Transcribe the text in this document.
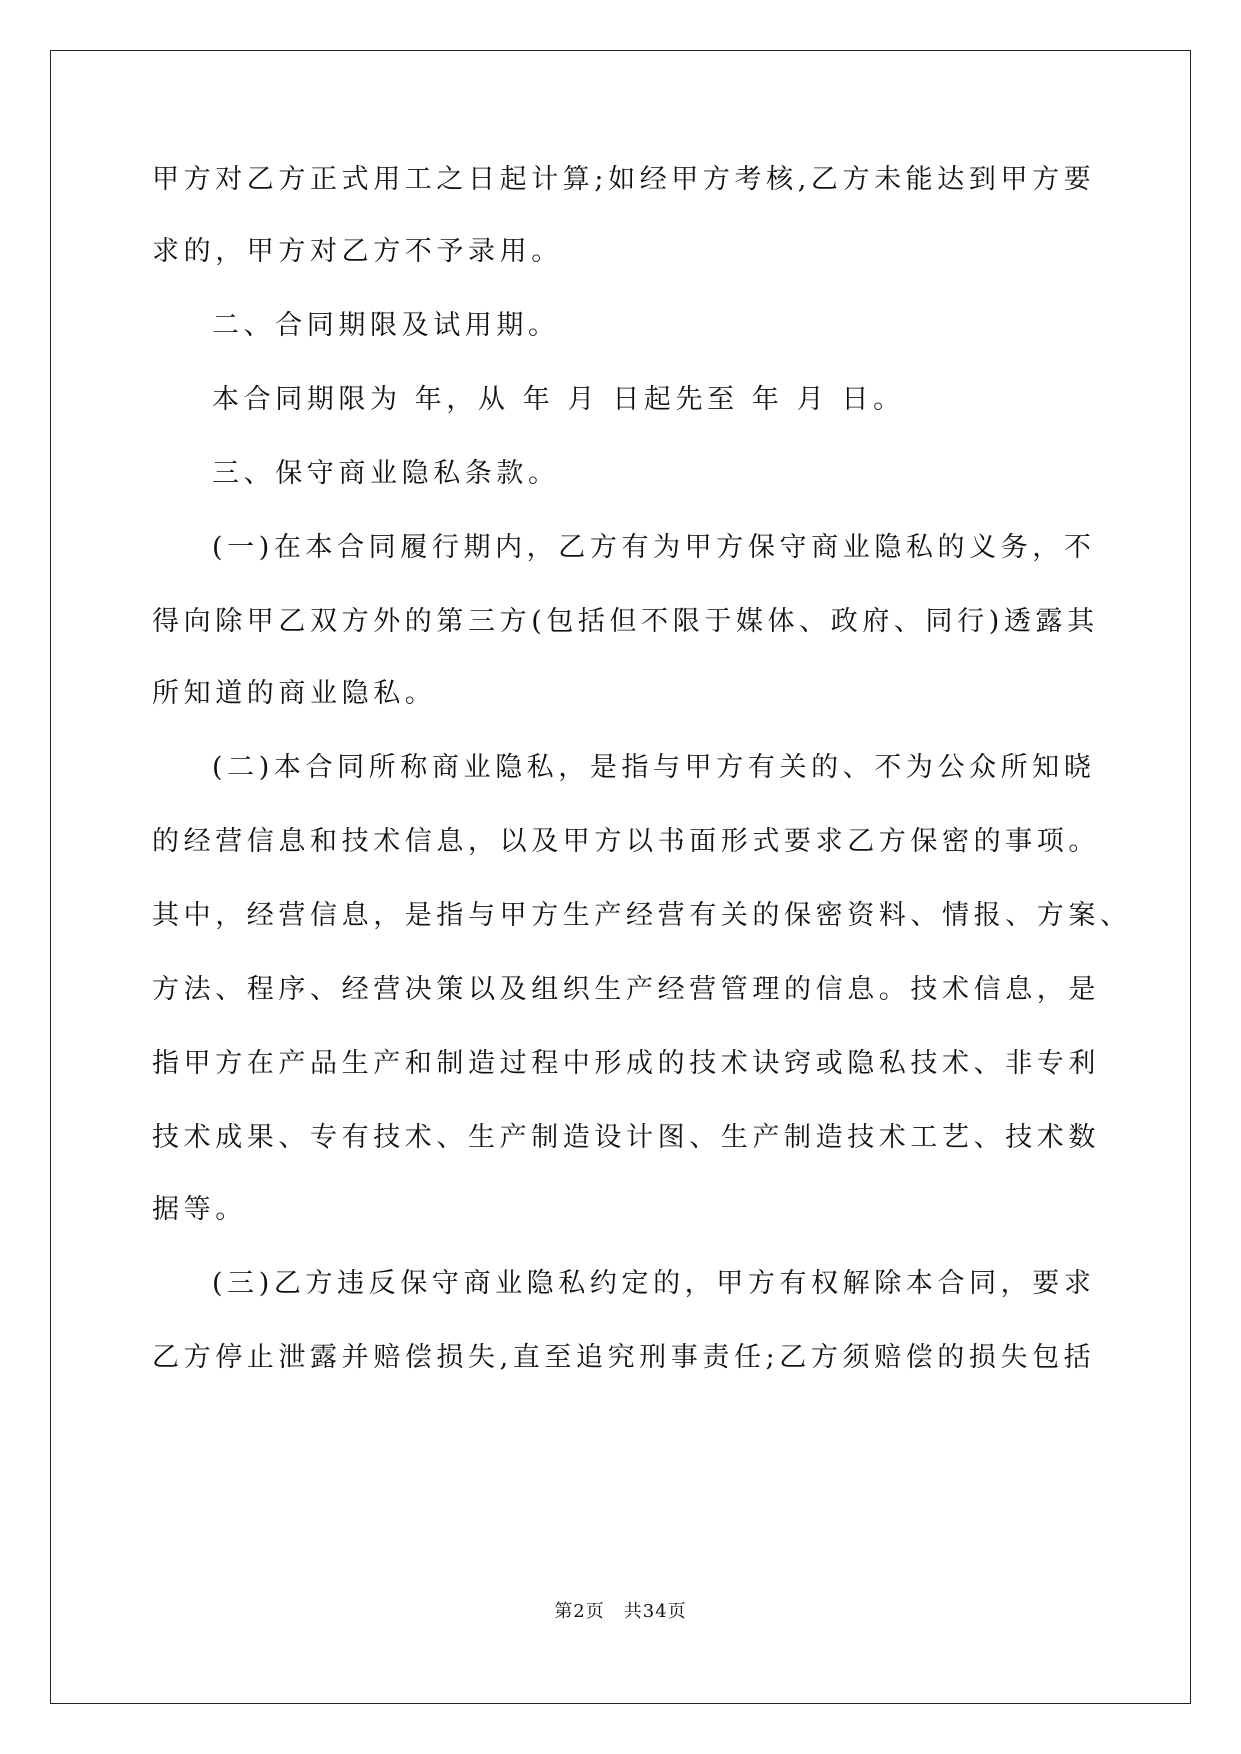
甲方对乙方正式用工之日起计算;如经甲方考核,乙方未能达到甲方要
求的，甲方对乙方不予录用。
二、合同期限及试用期。
本合同期限为 年，从 年 月 日起先至 年 月 日。
三、保守商业隐私条款。
(一)在本合同履行期内，乙方有为甲方保守商业隐私的义务，不
得向除甲乙双方外的第三方(包括但不限于媒体、政府、同行)透露其
所知道的商业隐私。
(二)本合同所称商业隐私，是指与甲方有关的、不为公众所知晓
的经营信息和技术信息，以及甲方以书面形式要求乙方保密的事项。
其中，经营信息，是指与甲方生产经营有关的保密资料、情报、方案、
方法、程序、经营决策以及组织生产经营管理的信息。技术信息，是
指甲方在产品生产和制造过程中形成的技术诀窍或隐私技术、非专利
技术成果、专有技术、生产制造设计图、生产制造技术工艺、技术数
据等。
(三)乙方违反保守商业隐私约定的，甲方有权解除本合同，要求
乙方停止泄露并赔偿损失,直至追究刑事责任;乙方须赔偿的损失包括
第2页　共34页
